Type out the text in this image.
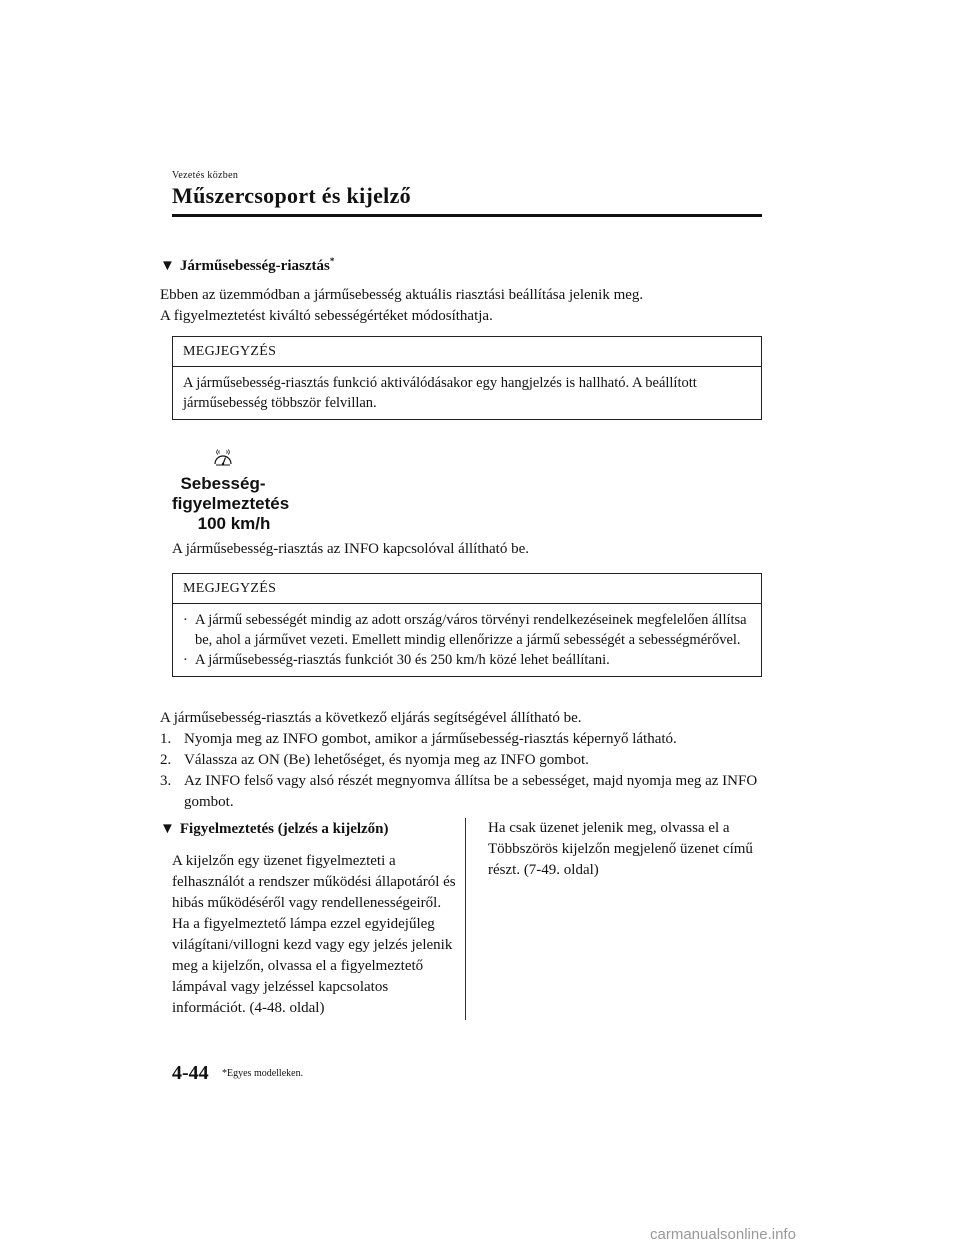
Vezetés közben
Műszercsoport és kijelző
▼ Járműsebesség-riasztás*
Ebben az üzemmódban a járműsebesség aktuális riasztási beállítása jelenik meg.
A figyelmeztetést kiváltó sebességértéket módosíthatja.
MEGJEGYZÉS
A járműsebesség-riasztás funkció aktiválódásakor egy hangjelzés is hallható. A beállított járműsebesség többször felvillan.
Sebesség-
figyelmeztetés
100 km/h
A járműsebesség-riasztás az INFO kapcsolóval állítható be.
MEGJEGYZÉS
· A jármű sebességét mindig az adott ország/város törvényi rendelkezéseinek megfelelően állítsa be, ahol a járművet vezeti. Emellett mindig ellenőrizze a jármű sebességét a sebességmérővel.
· A járműsebesség-riasztás funkciót 30 és 250 km/h közé lehet beállítani.
A járműsebesség-riasztás a következő eljárás segítségével állítható be.
1. Nyomja meg az INFO gombot, amikor a járműsebesség-riasztás képernyő látható.
2. Válassza az ON (Be) lehetőséget, és nyomja meg az INFO gombot.
3. Az INFO felső vagy alsó részét megnyomva állítsa be a sebességet, majd nyomja meg az INFO gombot.
▼ Figyelmeztetés (jelzés a kijelzőn)
A kijelzőn egy üzenet figyelmezteti a felhasználót a rendszer működési állapotáról és hibás működéséről vagy rendellenességeiről. Ha a figyelmeztető lámpa ezzel egyidejűleg világítani/villogni kezd vagy egy jelzés jelenik meg a kijelzőn, olvassa el a figyelmeztető lámpával vagy jelzéssel kapcsolatos információt. (4-48. oldal)
Ha csak üzenet jelenik meg, olvassa el a Többszörös kijelzőn megjelenő üzenet című részt. (7-49. oldal)
4-44 *Egyes modelleken.
carmanualsonline.info
